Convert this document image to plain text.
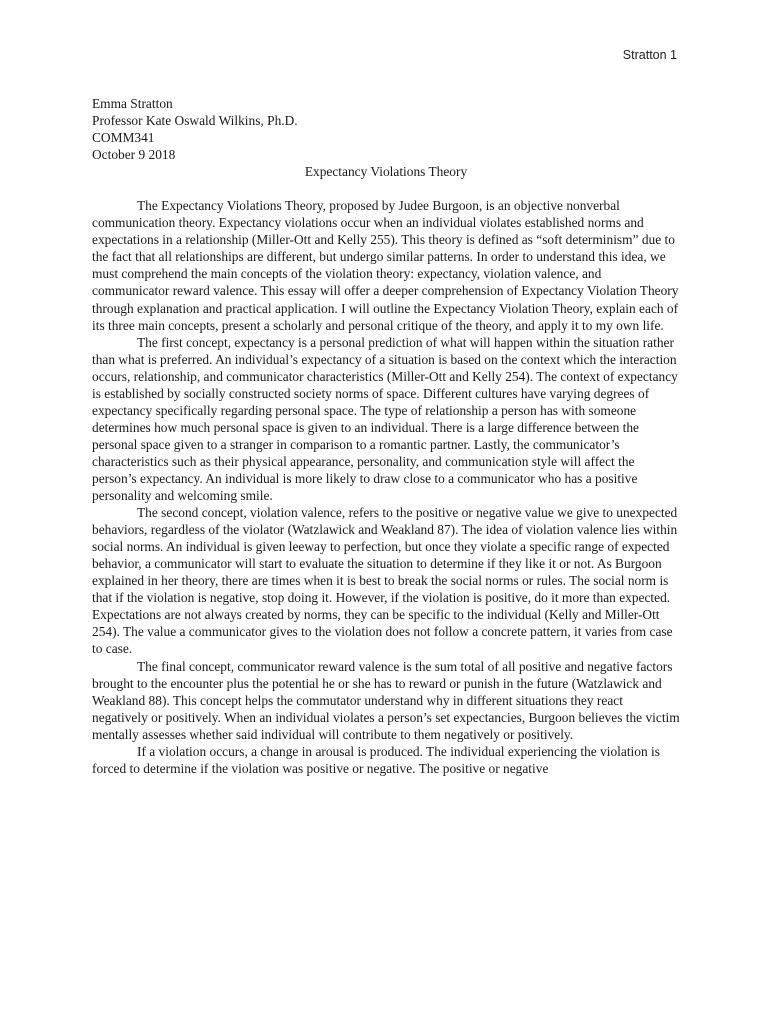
Stratton 1

Emma Stratton

Professor Kate Oswald Wilkins, Ph.D.

COMM341

October 9 2018

Expectancy Violations Theory

The Expectancy Violations Theory, proposed by Judee Burgoon, is an objective nonverbal communication theory. Expectancy violations occur when an individual violates established norms and expectations in a relationship (Miller-Ott and Kelly 255). This theory is defined as “soft determinism” due to the fact that all relationships are different, but undergo similar patterns. In order to understand this idea, we must comprehend the main concepts of the violation theory: expectancy, violation valence, and communicator reward valence. This essay will offer a deeper comprehension of Expectancy Violation Theory through explanation and practical application. I will outline the Expectancy Violation Theory, explain each of its three main concepts, present a scholarly and personal critique of the theory, and apply it to my own life.

The first concept, expectancy is a personal prediction of what will happen within the situation rather than what is preferred. An individual’s expectancy of a situation is based on the context which the interaction occurs, relationship, and communicator characteristics (Miller-Ott and Kelly 254). The context of expectancy is established by socially constructed society norms of space. Different cultures have varying degrees of expectancy specifically regarding personal space. The type of relationship a person has with someone determines how much personal space is given to an individual. There is a large difference between the personal space given to a stranger in comparison to a romantic partner. Lastly, the communicator’s characteristics such as their physical appearance, personality, and communication style will affect the person’s expectancy. An individual is more likely to draw close to a communicator who has a positive personality and welcoming smile.

The second concept, violation valence, refers to the positive or negative value we give to unexpected behaviors, regardless of the violator (Watzlawick and Weakland 87). The idea of violation valence lies within social norms. An individual is given leeway to perfection, but once they violate a specific range of expected behavior, a communicator will start to evaluate the situation to determine if they like it or not. As Burgoon explained in her theory, there are times when it is best to break the social norms or rules. The social norm is that if the violation is negative, stop doing it. However, if the violation is positive, do it more than expected. Expectations are not always created by norms, they can be specific to the individual (Kelly and Miller-Ott 254). The value a communicator gives to the violation does not follow a concrete pattern, it varies from case to case.

The final concept, communicator reward valence is the sum total of all positive and negative factors brought to the encounter plus the potential he or she has to reward or punish in the future (Watzlawick and Weakland 88). This concept helps the commutator understand why in different situations they react negatively or positively. When an individual violates a person’s set expectancies, Burgoon believes the victim mentally assesses whether said individual will contribute to them negatively or positively.

If a violation occurs, a change in arousal is produced. The individual experiencing the violation is forced to determine if the violation was positive or negative. The positive or negative
